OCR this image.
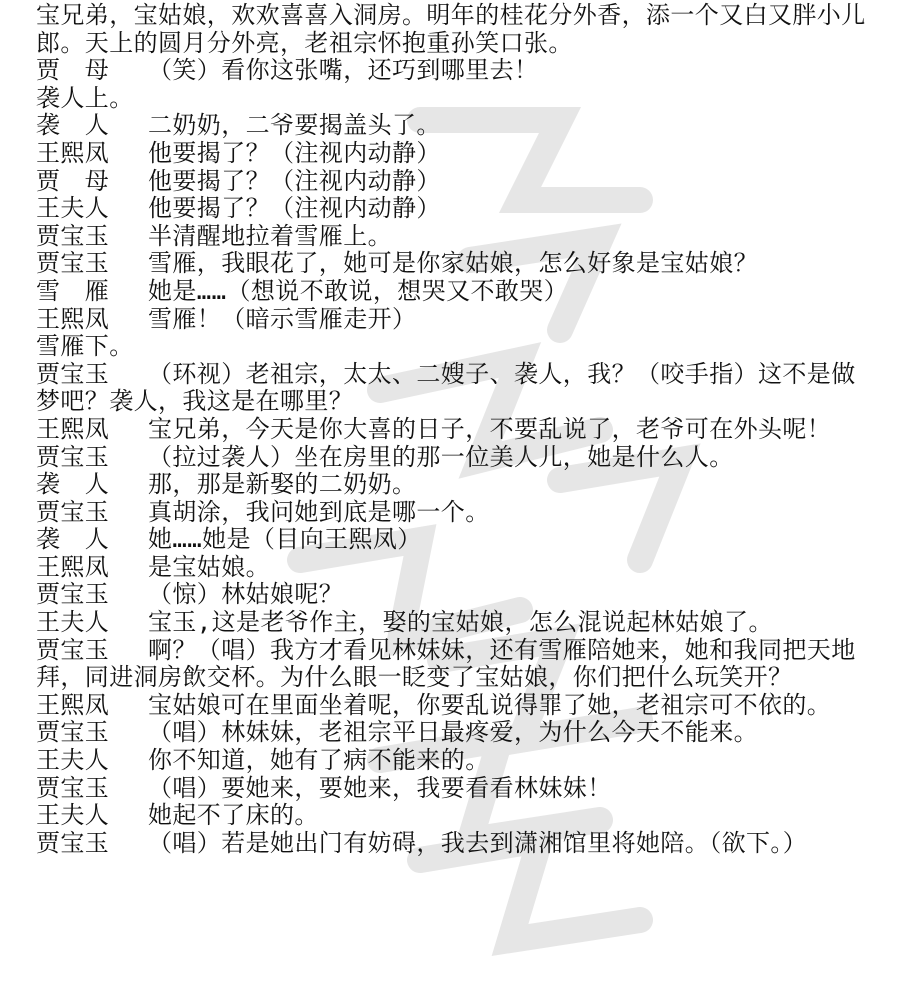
宝兄弟，宝姑娘，欢欢喜喜入洞房。明年的桂花分外香，添一个又白又胖小儿郎。天上的圆月分外亮，老祖宗怀抱重孙笑口张。
贾　母 （笑）看你这张嘴，还巧到哪里去！
袭人上。
袭　人 二奶奶，二爷要揭盖头了。
王熙凤 他要揭了？（注视内动静）
贾　母 他要揭了？（注视内动静）
王夫人 他要揭了？（注视内动静）
贾宝玉 半清醒地拉着雪雁上。
贾宝玉 雪雁，我眼花了，她可是你家姑娘，怎么好象是宝姑娘？
雪　雁 她是……（想说不敢说，想哭又不敢哭）
王熙凤 雪雁！（暗示雪雁走开）
雪雁下。
贾宝玉 （环视）老祖宗，太太、二嫂子、袭人，我？（咬手指）这不是做梦吧？袭人，我这是在哪里？
王熙凤 宝兄弟，今天是你大喜的日子，不要乱说了，老爷可在外头呢！
贾宝玉 （拉过袭人）坐在房里的那一位美人儿，她是什么人。
袭　人 那，那是新娶的二奶奶。
贾宝玉 真胡涂，我问她到底是哪一个。
袭　人 她……她是（目向王熙凤）
王熙凤 是宝姑娘。
贾宝玉 （惊）林姑娘呢？
王夫人 宝玉,这是老爷作主，娶的宝姑娘，怎么混说起林姑娘了。
贾宝玉 啊？（唱）我方才看见林妹妹，还有雪雁陪她来，她和我同把天地拜，同进洞房飲交杯。为什么眼一眨变了宝姑娘，你们把什么玩笑开？
王熙凤 宝姑娘可在里面坐着呢，你要乱说得罪了她，老祖宗可不依的。
贾宝玉 （唱）林妹妹，老祖宗平日最疼爱，为什么今天不能来。
王夫人 你不知道，她有了病不能来的。
贾宝玉 （唱）要她来，要她来，我要看看林妹妹！
王夫人 她起不了床的。
贾宝玉 （唱）若是她出门有妨碍，我去到潇湘馆里将她陪。（欲下。）
